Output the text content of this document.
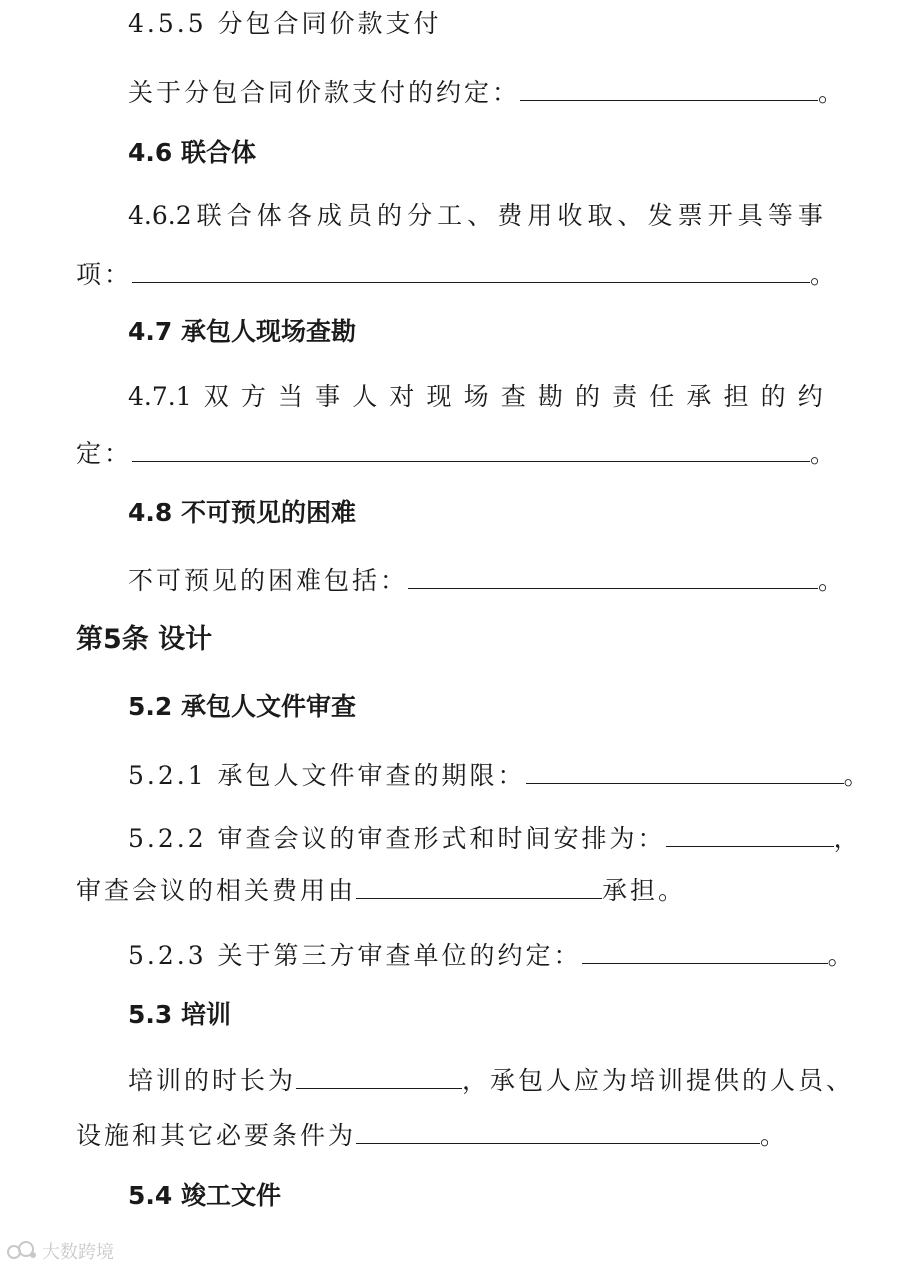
4.5.5 分包合同价款支付
关于分包合同价款支付的约定：	。
4.6 联合体
4.6.2 联 合 体 各 成 员 的 分 工 、 费 用 收 取 、 发 票 开 具 等 事
项：	。
4.7 承包人现场查勘
4.7.1 双 方 当 事 人 对 现 场 查 勘 的 责 任 承 担 的 约
定：	。
4.8 不可预见的困难
不可预见的困难包括：	。
第5条 设计
5.2 承包人文件审查
5.2.1 承包人文件审查的期限：	。
5.2.2 审查会议的审查形式和时间安排为：	，
审查会议的相关费用由	承担。
5.2.3 关于第三方审查单位的约定：	。
5.3 培训
培训的时长为	，承包人应为培训提供的人员、
设施和其它必要条件为	。
5.4 竣工文件
大数跨境
